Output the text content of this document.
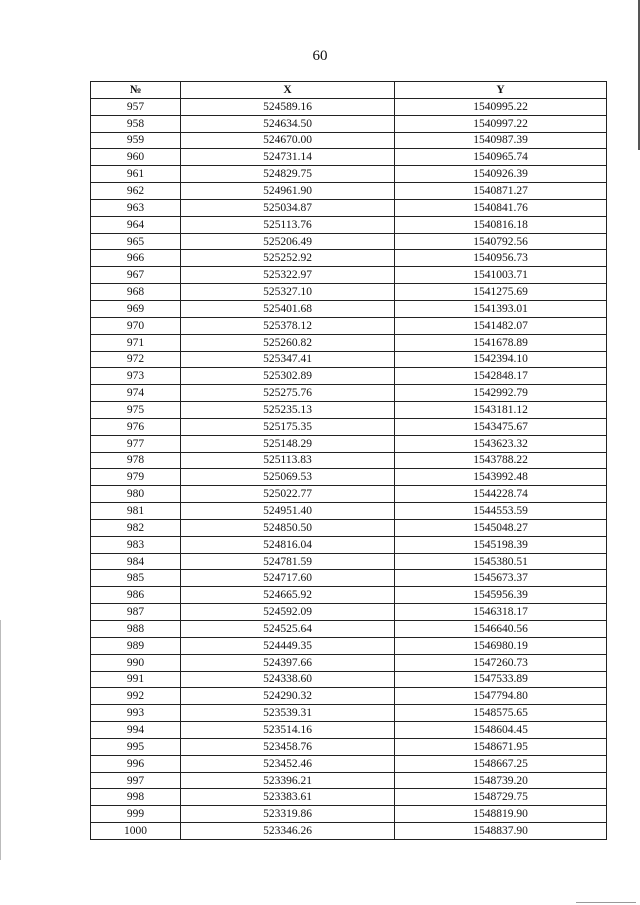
60
№	X	Y
957	524589.16	1540995.22
958	524634.50	1540997.22
959	524670.00	1540987.39
960	524731.14	1540965.74
961	524829.75	1540926.39
962	524961.90	1540871.27
963	525034.87	1540841.76
964	525113.76	1540816.18
965	525206.49	1540792.56
966	525252.92	1540956.73
967	525322.97	1541003.71
968	525327.10	1541275.69
969	525401.68	1541393.01
970	525378.12	1541482.07
971	525260.82	1541678.89
972	525347.41	1542394.10
973	525302.89	1542848.17
974	525275.76	1542992.79
975	525235.13	1543181.12
976	525175.35	1543475.67
977	525148.29	1543623.32
978	525113.83	1543788.22
979	525069.53	1543992.48
980	525022.77	1544228.74
981	524951.40	1544553.59
982	524850.50	1545048.27
983	524816.04	1545198.39
984	524781.59	1545380.51
985	524717.60	1545673.37
986	524665.92	1545956.39
987	524592.09	1546318.17
988	524525.64	1546640.56
989	524449.35	1546980.19
990	524397.66	1547260.73
991	524338.60	1547533.89
992	524290.32	1547794.80
993	523539.31	1548575.65
994	523514.16	1548604.45
995	523458.76	1548671.95
996	523452.46	1548667.25
997	523396.21	1548739.20
998	523383.61	1548729.75
999	523319.86	1548819.90
1000	523346.26	1548837.90
